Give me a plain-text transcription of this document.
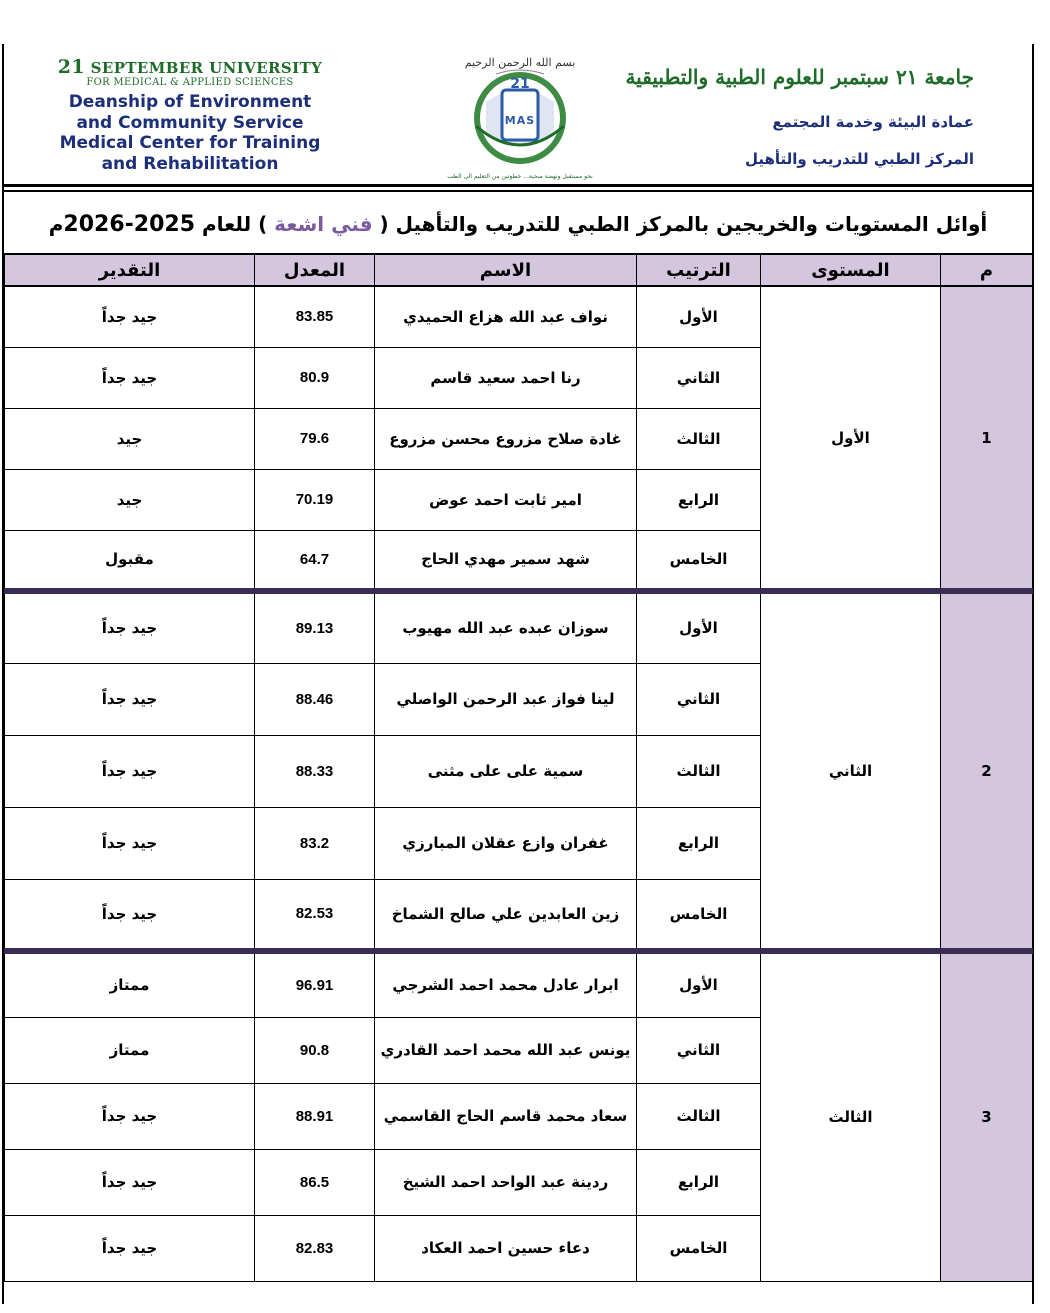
21 SEPTEMBER UNIVERSITY
FOR MEDICAL & APPLIED SCIENCES
Deanship of Environment
and Community Service
Medical Center for Training
and Rehabilitation
بسم الله الرحمن الرحيم
21
MAS
نحو مستقبل ونهضة صحية... خطوتين من التعليم الى الطب
جامعة ٢١ سبتمبر للعلوم الطبية والتطبيقية
عمادة البيئة وخدمة المجتمع
المركز الطبي للتدريب والتأهيل
أوائل المستويات والخريجين بالمركز الطبي للتدريب والتأهيل ( فني اشعة ) للعام 2025-2026م
م	المستوى	الترتيب	الاسم	المعدل	التقدير
1	الأول	الأول	نواف عبد الله هزاع الحميدي	83.85	جيد جداً
		الثاني	رنا احمد سعيد قاسم	80.9	جيد جداً
		الثالث	غادة صلاح مزروع محسن مزروع	79.6	جيد
		الرابع	امير ثابت احمد عوض	70.19	جيد
		الخامس	شهد سمير مهدي الحاج	64.7	مقبول
2	الثاني	الأول	سوزان عبده عبد الله مهيوب	89.13	جيد جداً
		الثاني	لينا فواز عبد الرحمن الواصلي	88.46	جيد جداً
		الثالث	سمية على على مثنى	88.33	جيد جداً
		الرابع	غفران وازع عقلان المبارزي	83.2	جيد جداً
		الخامس	زين العابدين علي صالح الشماخ	82.53	جيد جداً
3	الثالث	الأول	ابرار عادل محمد احمد الشرجي	96.91	ممتاز
		الثاني	يونس عبد الله محمد احمد القادري	90.8	ممتاز
		الثالث	سعاد محمد قاسم الحاج القاسمي	88.91	جيد جداً
		الرابع	ردينة عبد الواحد احمد الشيخ	86.5	جيد جداً
		الخامس	دعاء حسين احمد العكاد	82.83	جيد جداً
